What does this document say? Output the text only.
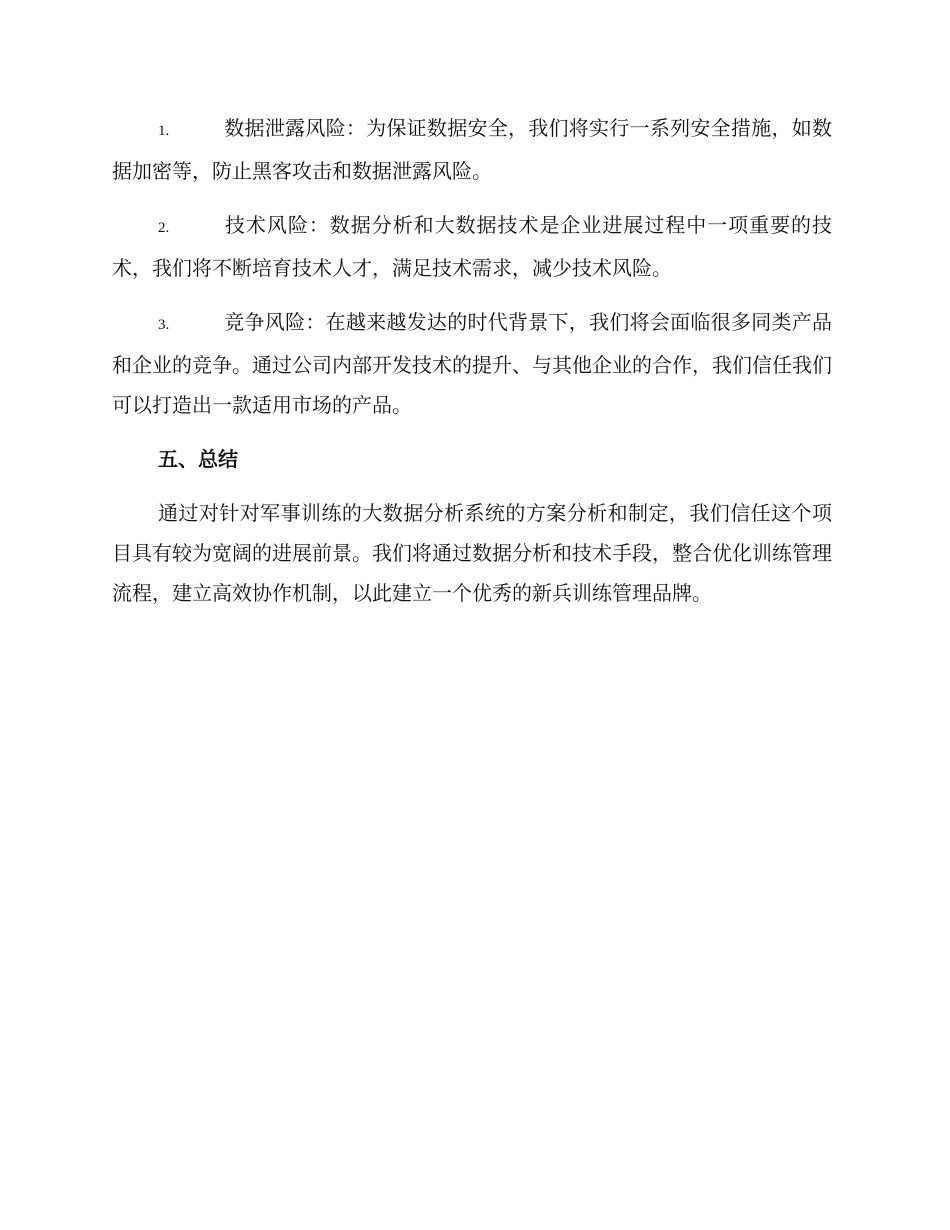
1.	数据泄露风险：为保证数据安全，我们将实行一系列安全措施，如数据加密等，防止黑客攻击和数据泄露风险。

2.	技术风险：数据分析和大数据技术是企业进展过程中一项重要的技术，我们将不断培育技术人才，满足技术需求，减少技术风险。

3.	竞争风险：在越来越发达的时代背景下，我们将会面临很多同类产品和企业的竞争。通过公司内部开发技术的提升、与其他企业的合作，我们信任我们可以打造出一款适用市场的产品。

五、总结

通过对针对军事训练的大数据分析系统的方案分析和制定，我们信任这个项目具有较为宽阔的进展前景。我们将通过数据分析和技术手段，整合优化训练管理流程，建立高效协作机制，以此建立一个优秀的新兵训练管理品牌。
